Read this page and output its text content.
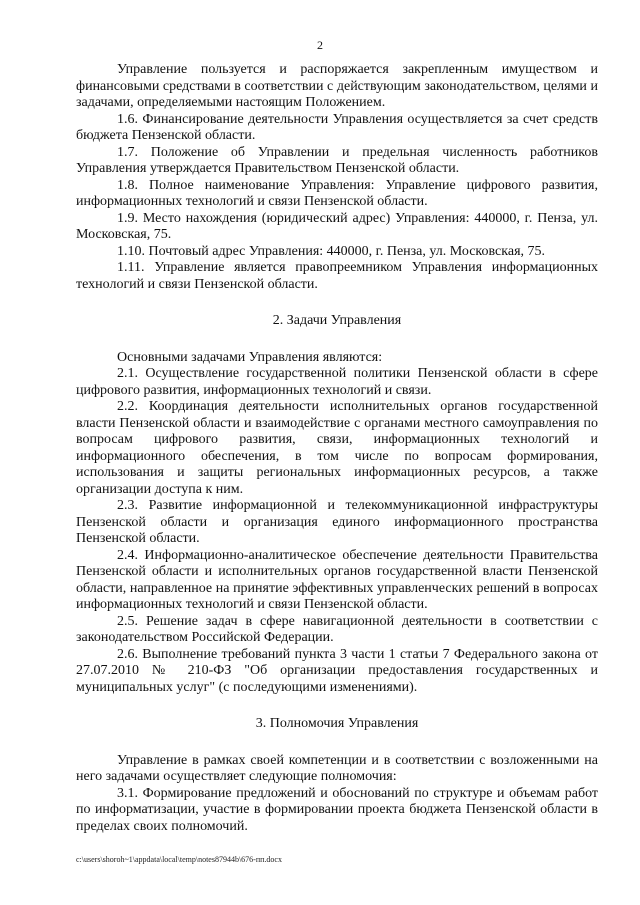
2

Управление пользуется и распоряжается закрепленным имуществом и финансовыми средствами в соответствии с действующим законодательством, целями и задачами, определяемыми настоящим Положением.

1.6. Финансирование деятельности Управления осуществляется за счет средств бюджета Пензенской области.

1.7. Положение об Управлении и предельная численность работников Управления утверждается Правительством Пензенской области.

1.8. Полное наименование Управления: Управление цифрового развития, информационных технологий и связи Пензенской области.

1.9. Место нахождения (юридический адрес) Управления: 440000, г. Пенза, ул. Московская, 75.

1.10. Почтовый адрес Управления: 440000, г. Пенза, ул. Московская, 75.

1.11. Управление является правопреемником Управления информационных технологий и связи Пензенской области.

2. Задачи Управления

Основными задачами Управления являются:

2.1. Осуществление государственной политики Пензенской области в сфере цифрового развития, информационных технологий и связи.

2.2. Координация деятельности исполнительных органов государственной власти Пензенской области и взаимодействие с органами местного самоуправления по вопросам цифрового развития, связи, информационных технологий и информационного обеспечения, в том числе по вопросам формирования, использования и защиты региональных информационных ресурсов, а также организации доступа к ним.

2.3. Развитие информационной и телекоммуникационной инфраструктуры Пензенской области и организация единого информационного пространства Пензенской области.

2.4. Информационно-аналитическое обеспечение деятельности Правительства Пензенской области и исполнительных органов государственной власти Пензенской области, направленное на принятие эффективных управленческих решений в вопросах информационных технологий и связи Пензенской области.

2.5. Решение задач в сфере навигационной деятельности в соответствии с законодательством Российской Федерации.

2.6. Выполнение требований пункта 3 части 1 статьи 7 Федерального закона от 27.07.2010 № 210-ФЗ "Об организации предоставления государственных и муниципальных услуг" (с последующими изменениями).

3. Полномочия Управления

Управление в рамках своей компетенции и в соответствии с возложенными на него задачами осуществляет следующие полномочия:

3.1. Формирование предложений и обоснований по структуре и объемам работ по информатизации, участие в формировании проекта бюджета Пензенской области в пределах своих полномочий.

c:\users\shoroh~1\appdata\local\temp\notes87944b\676-пп.docx
